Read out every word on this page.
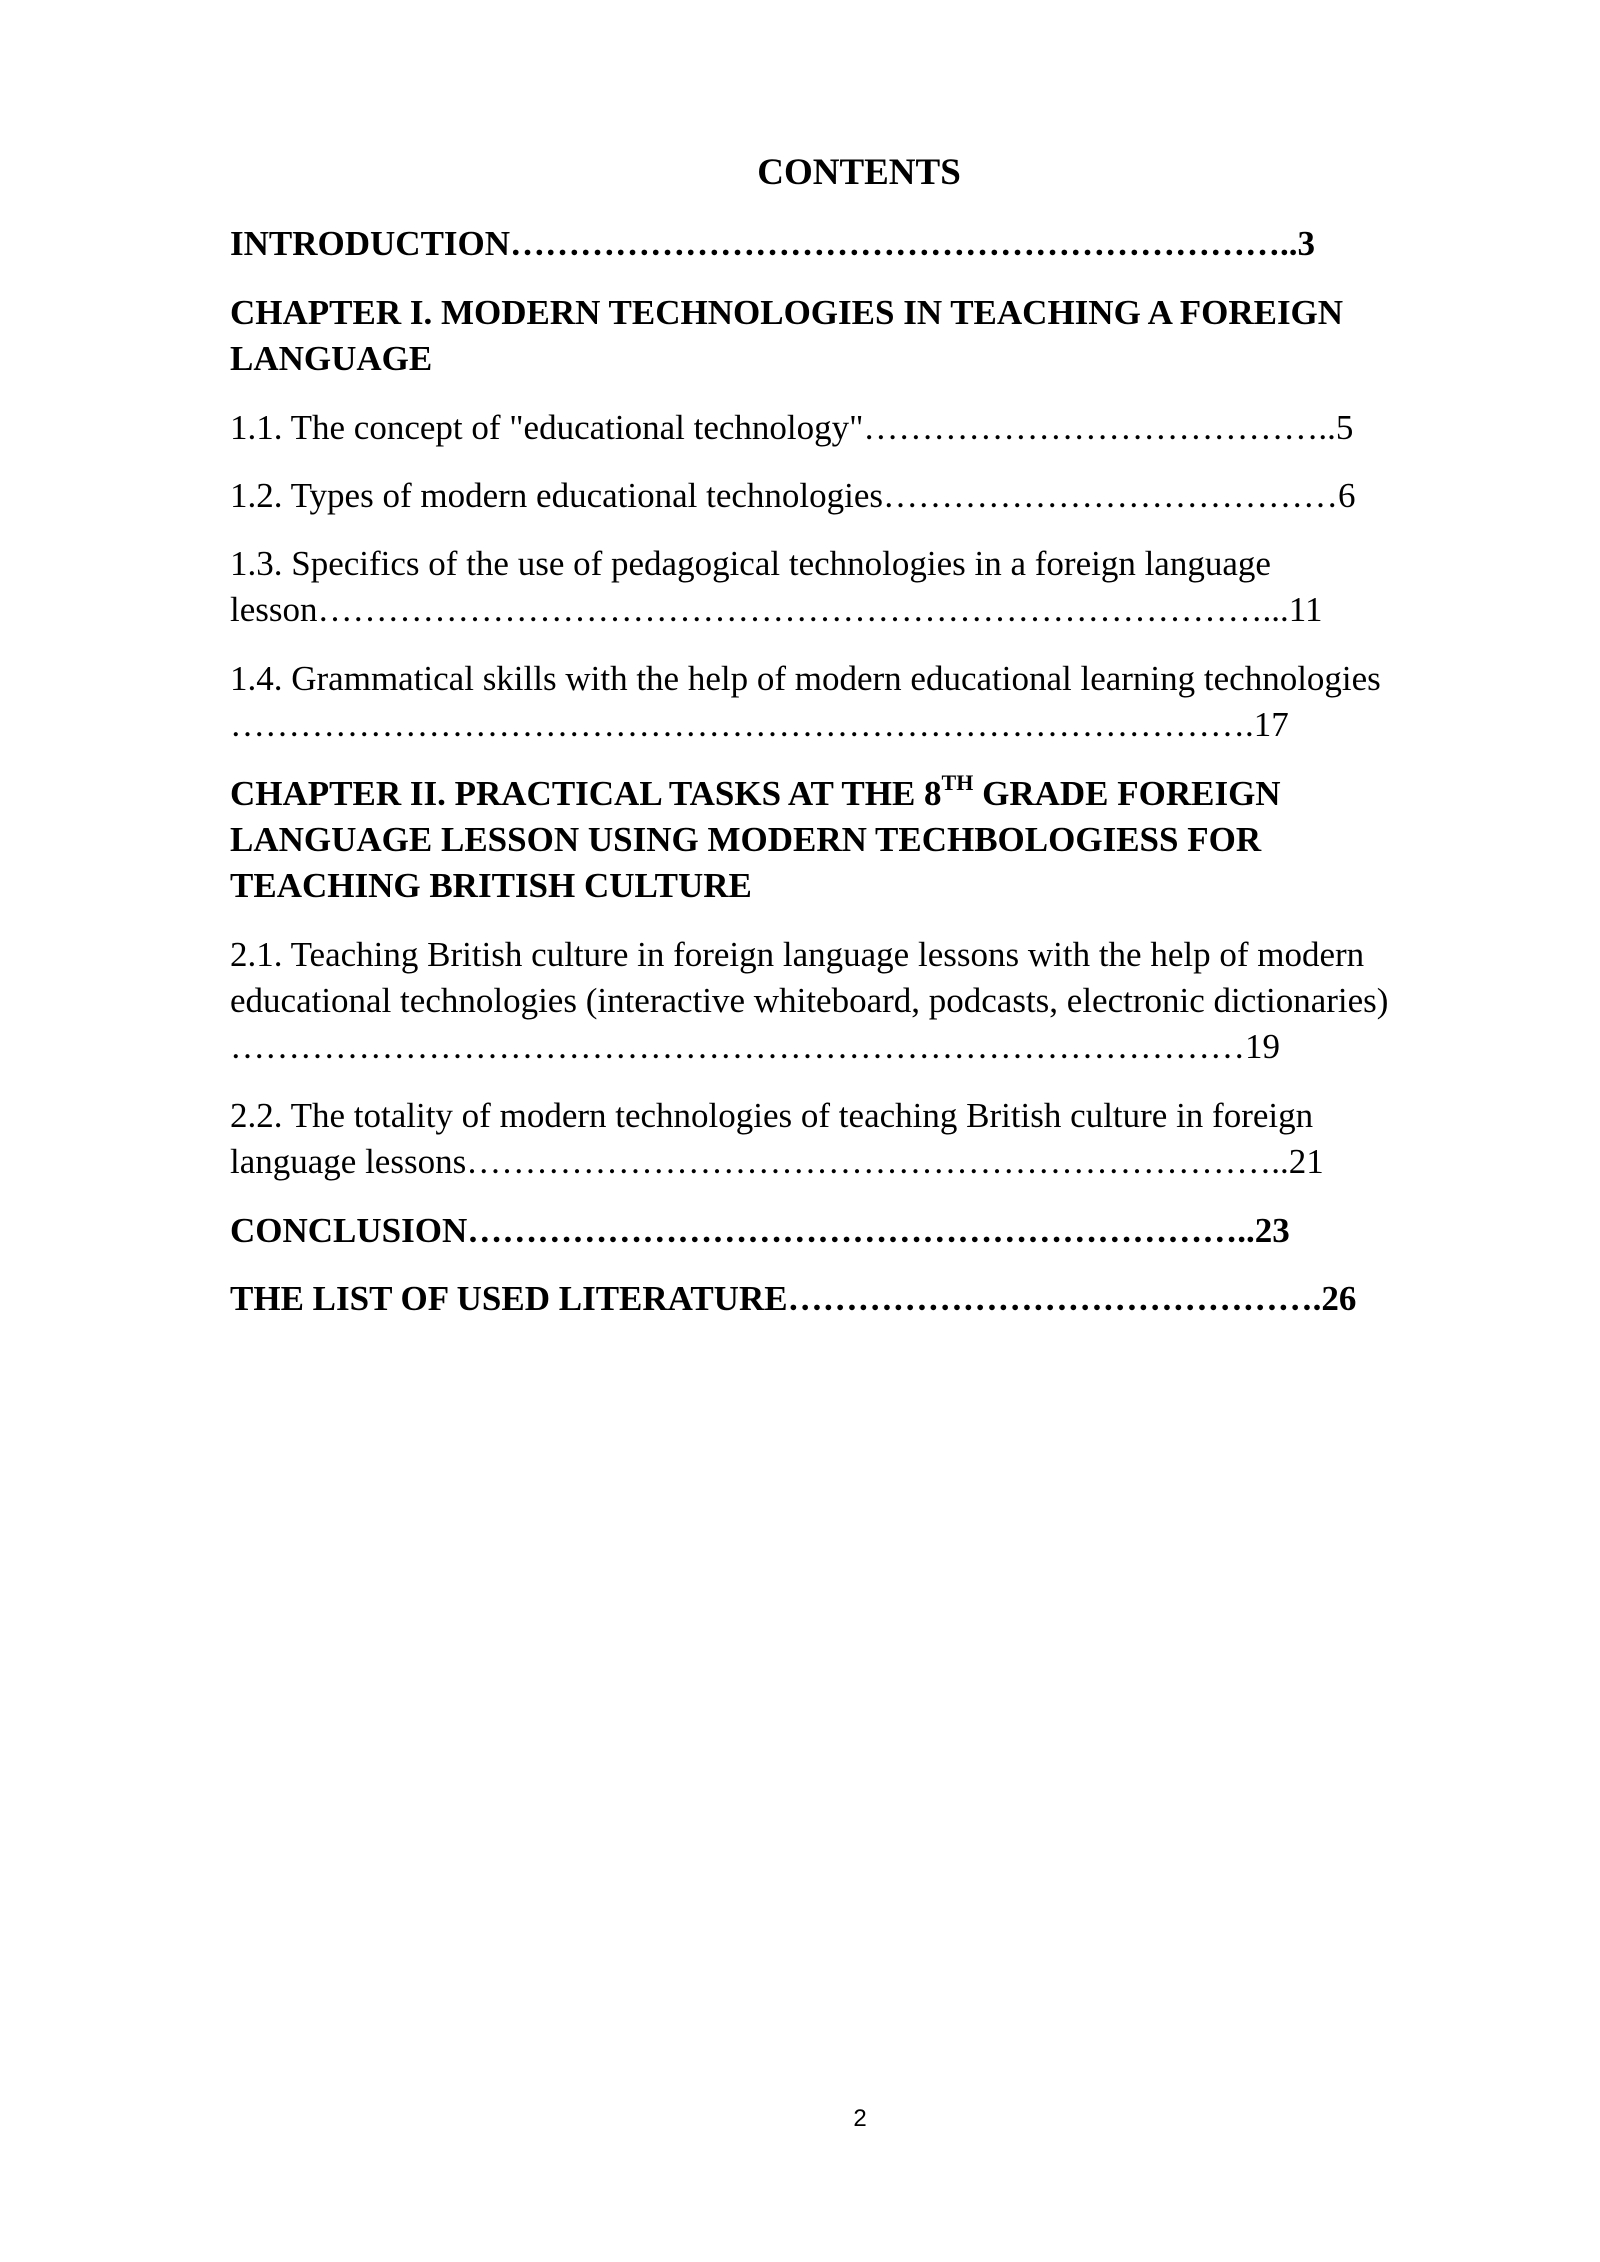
CONTENTS
INTRODUCTION…………………………………………………………..3
CHAPTER I. MODERN TECHNOLOGIES IN TEACHING A FOREIGN
LANGUAGE
1.1. The concept of "educational technology"…………………………………..5
1.2. Types of modern educational technologies…………………………………6
1.3. Specifics of the use of pedagogical technologies in a foreign language
lesson………………………………………………………………………...11
1.4. Grammatical skills with the help of modern educational learning technologies
…………………………………………………………………………….17
CHAPTER II. PRACTICAL TASKS AT THE 8TH GRADE FOREIGN
LANGUAGE LESSON USING MODERN TECHBOLOGIESS FOR
TEACHING BRITISH CULTURE
2.1. Teaching British culture in foreign language lessons with the help of modern
educational technologies (interactive whiteboard, podcasts, electronic dictionaries)
……………………………………………………………………………19
2.2. The totality of modern technologies of teaching British culture in foreign
language lessons……………………………………………………………..21
CONCLUSION…………………………………………………………..23
THE LIST OF USED LITERATURE……………………………………….26
2
